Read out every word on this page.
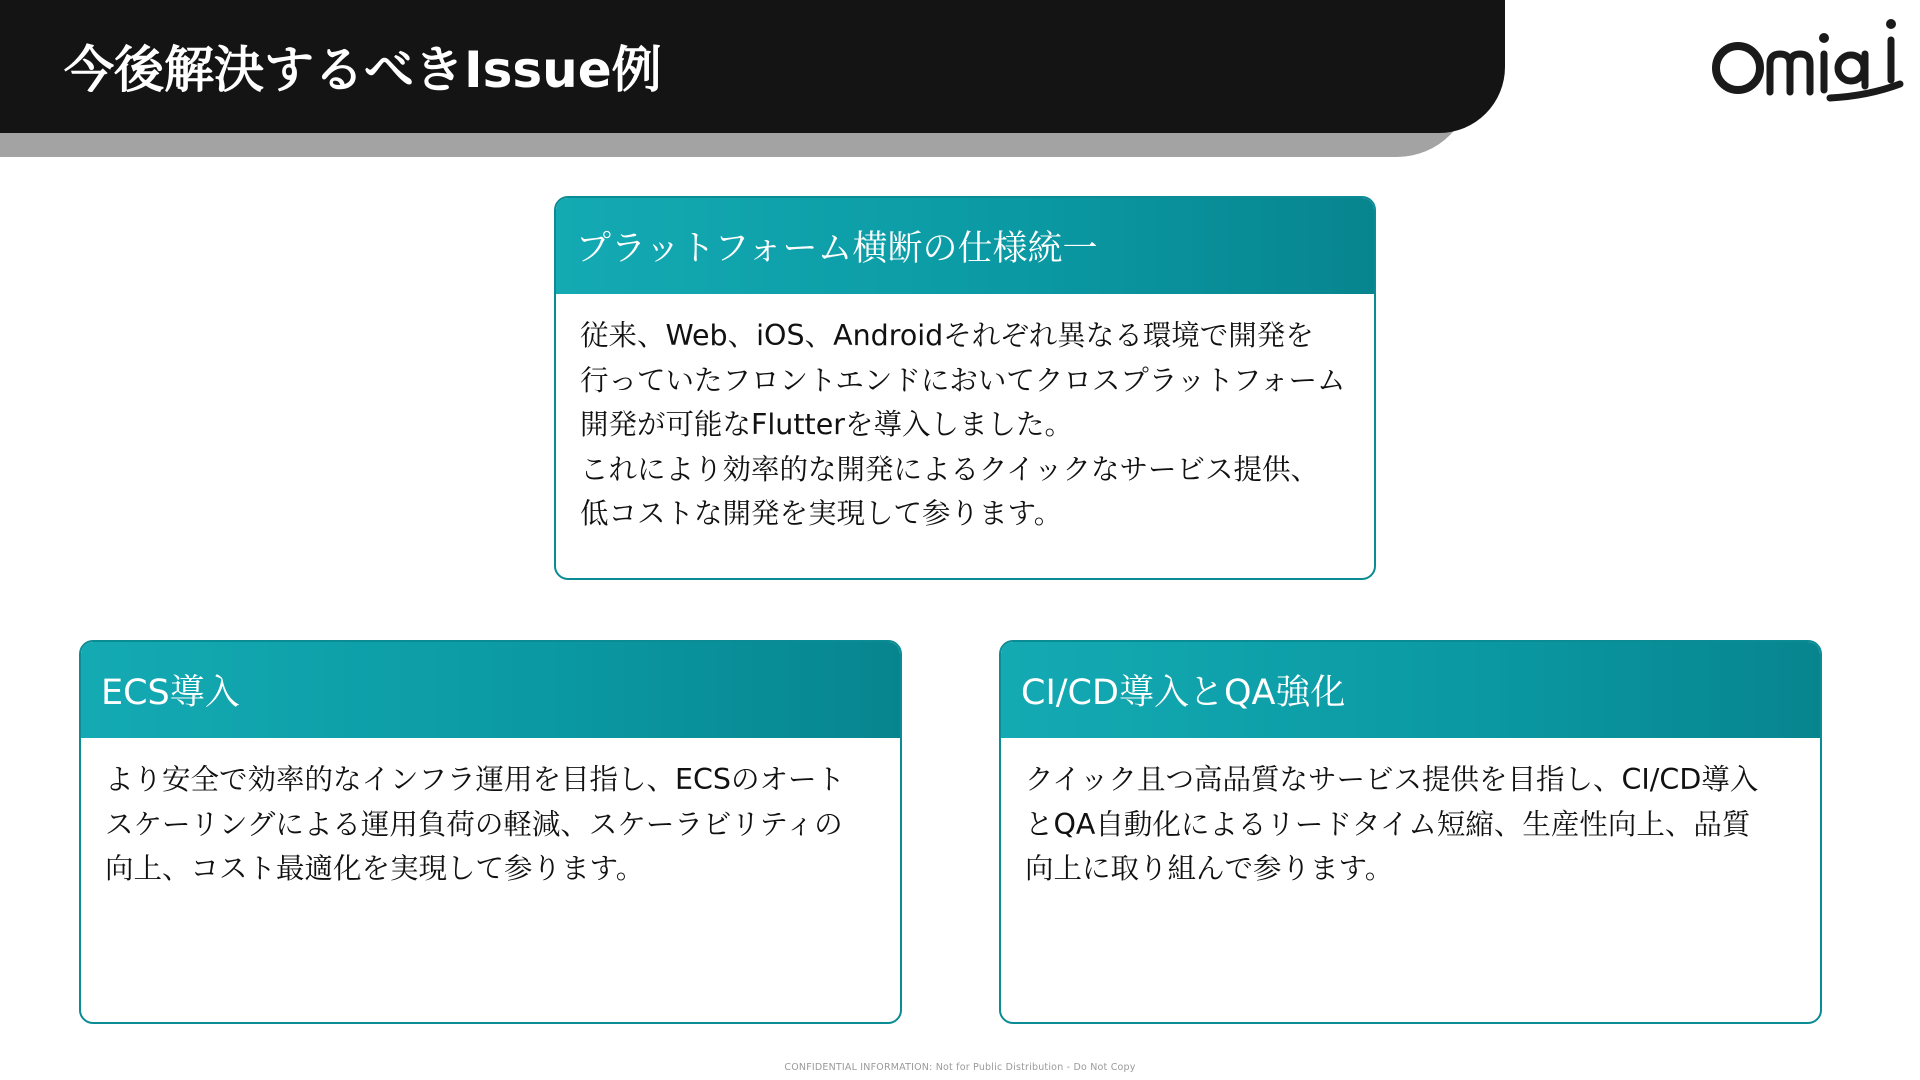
今後解決するべきIssue例
プラットフォーム横断の仕様統一

従来、Web、iOS、Androidそれぞれ異なる環境で開発を

行っていたフロントエンドにおいてクロスプラットフォーム

開発が可能なFlutterを導入しました。

これにより効率的な開発によるクイックなサービス提供、

低コストな開発を実現して参ります。

ECS導入

より安全で効率的なインフラ運用を目指し、ECSのオート

スケーリングによる運用負荷の軽減、スケーラビリティの

向上、コスト最適化を実現して参ります。

CI/CD導入とQA強化

クイック且つ高品質なサービス提供を目指し、CI/CD導入

とQA自動化によるリードタイム短縮、生産性向上、品質

向上に取り組んで参ります。

CONFIDENTIAL INFORMATION: Not for Public Distribution - Do Not Copy
